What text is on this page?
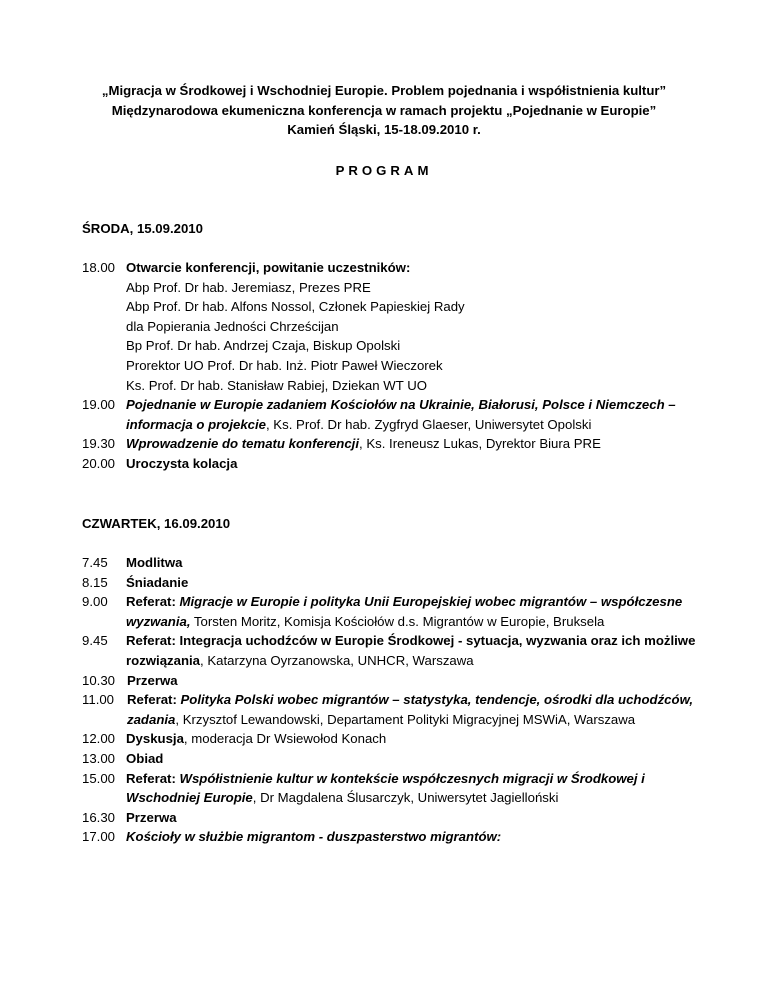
„Migracja w Środkowej i Wschodniej Europie. Problem pojednania i współistnienia kultur”
Międzynarodowa ekumeniczna konferencja w ramach projektu „Pojednanie w Europie”
Kamień Śląski, 15-18.09.2010 r.
PROGRAM
ŚRODA, 15.09.2010
18.00 Otwarcie konferencji, powitanie uczestników:
Abp Prof. Dr hab. Jeremiasz, Prezes PRE
Abp Prof. Dr hab. Alfons Nossol, Członek Papieskiej Rady
dla Popierania Jedności Chrześcijan
Bp Prof. Dr hab. Andrzej Czaja, Biskup Opolski
Prorektor UO Prof. Dr hab. Inż. Piotr Paweł Wieczorek
Ks. Prof. Dr hab. Stanisław Rabiej, Dziekan WT UO
19.00 Pojednanie w Europie zadaniem Kościołów na Ukrainie, Białorusi, Polsce i Niemczech – informacja o projekcie, Ks. Prof. Dr hab. Zygfryd Glaeser, Uniwersytet Opolski
19.30 Wprowadzenie do tematu konferencji, Ks. Ireneusz Lukas, Dyrektor Biura PRE
20.00 Uroczysta kolacja
CZWARTEK, 16.09.2010
7.45	Modlitwa
8.15	Śniadanie
9.00	Referat: Migracje w Europie i polityka Unii Europejskiej wobec migrantów – współczesne wyzwania, Torsten Moritz, Komisja Kościołów d.s. Migrantów w Europie, Bruksela
9.45	Referat: Integracja uchodźców w Europie Środkowej - sytuacja, wyzwania oraz ich możliwe rozwiązania, Katarzyna Oyrzanowska, UNHCR, Warszawa
10.30 Przerwa
11.00 Referat: Polityka Polski wobec migrantów – statystyka, tendencje, ośrodki dla uchodźców, zadania, Krzysztof Lewandowski, Departament Polityki Migracyjnej MSWiA, Warszawa
12.00 Dyskusja, moderacja Dr Wsiewołod Konach
13.00 Obiad
15.00 Referat: Współistnienie kultur w kontekście współczesnych migracji w Środkowej i Wschodniej Europie, Dr Magdalena Ślusarczyk, Uniwersytet Jagielloński
16.30 Przerwa
17.00 Kościoły w służbie migrantom - duszpasterstwo migrantów:
